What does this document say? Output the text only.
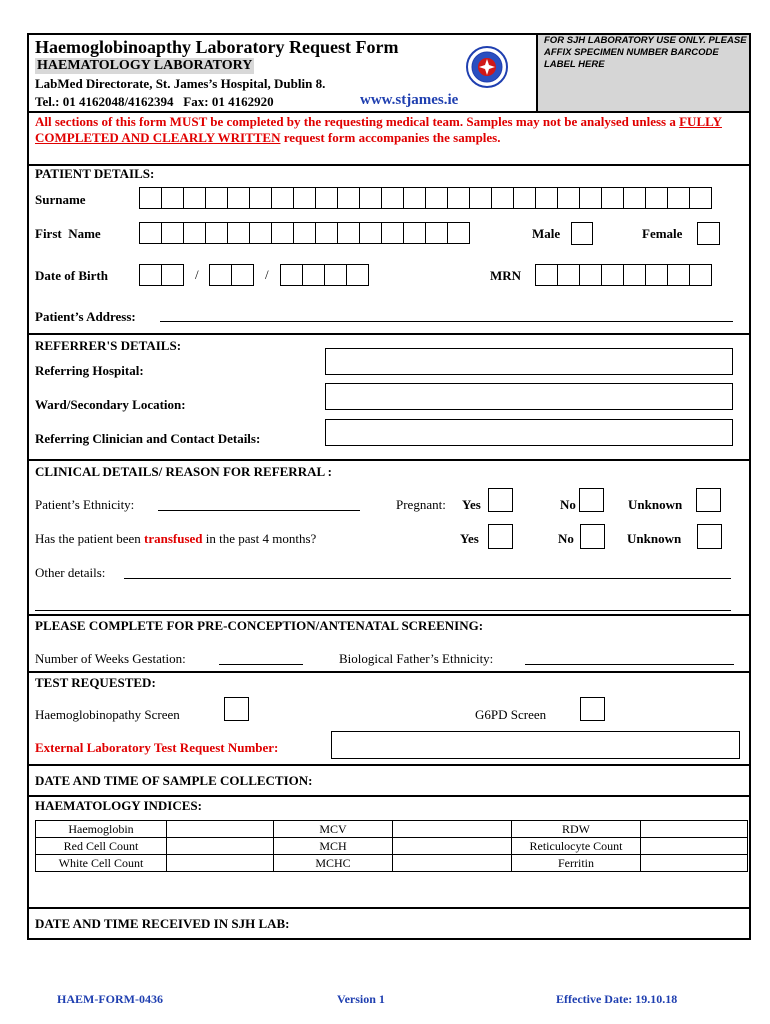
Haemoglobinoapthy Laboratory Request Form
HAEMATOLOGY LABORATORY
LabMed Directorate, St. James’s Hospital, Dublin 8.
Tel.: 01 4162048/4162394   Fax: 01 4162920	www.stjames.ie
FOR SJH LABORATORY USE ONLY. PLEASE AFFIX SPECIMEN NUMBER BARCODE LABEL HERE
All sections of this form MUST be completed by the requesting medical team. Samples may not be analysed unless a FULLY COMPLETED AND CLEARLY WRITTEN request form accompanies the samples.
PATIENT DETAILS:
Surname
First  Name	Male	Female
Date of Birth	/	/	MRN
Patient’s Address:
REFERRER'S DETAILS:
Referring Hospital:
Ward/Secondary Location:
Referring Clinician and Contact Details:
CLINICAL DETAILS/ REASON FOR REFERRAL :
Patient’s Ethnicity:	Pregnant: Yes	No	Unknown
Has the patient been transfused in the past 4 months?	Yes	No	Unknown
Other details:
PLEASE COMPLETE FOR PRE-CONCEPTION/ANTENATAL SCREENING:
Number of Weeks Gestation:	Biological Father’s Ethnicity:
TEST REQUESTED:
Haemoglobinopathy Screen	G6PD Screen
External Laboratory Test Request Number:
DATE AND TIME OF SAMPLE COLLECTION:
HAEMATOLOGY INDICES:
Haemoglobin		MCV		RDW	
Red Cell Count		MCH		Reticulocyte Count	
White Cell Count		MCHC		Ferritin	
DATE AND TIME RECEIVED IN SJH LAB:
HAEM-FORM-0436	Version 1	Effective Date: 19.10.18
